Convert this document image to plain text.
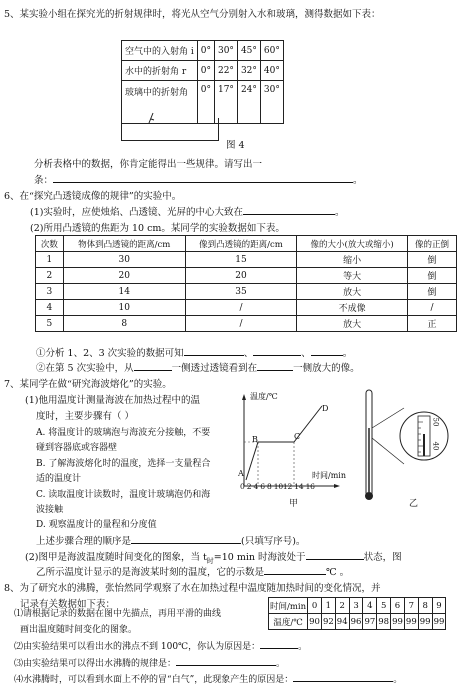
5、某实验小组在探究光的折射规律时，将光从空气分别射入水和玻璃，测得数据如下表：
空气中的入射角 i	0°	30°	45°	60°
水中的折射角 r	0°	22°	32°	40°
玻璃中的折射角	0°	17°	24°	30°
图 4
分析表格中的数据，你肯定能得出一些规律。请写出一
条：	。
6、在“探究凸透镜成像的规律”的实验中。
(1)实验时，应使烛焰、凸透镜、光屏的中心大致在	。
(2)所用凸透镜的焦距为 10 cm。某同学的实验数据如下表。
次数	物体到凸透镜的距离/cm	像到凸透镜的距离/cm	像的大小(放大或缩小)	像的正倒
1	30	15	缩小	倒
2	20	20	等大	倒
3	14	35	放大	倒
4	10	/	不成像	/
5	8	/	放大	正
①分析 1、2、3 次实验的数据可知	、	、	。
②在第 5 次实验中，从	一侧透过透镜看到在	一侧放大的像。
7、某同学在做“研究海波熔化”的实验。
(1)他用温度计测量海波在加热过程中的温
度时，主要步骤有（ ）
A. 将温度计的玻璃泡与海波充分接触，不要
碰到容器底或容器壁
B. 了解海波熔化时的温度，选择一支量程合
适的温度计
C. 读取温度计读数时，温度计玻璃泡仍和海
波接触
D. 观察温度计的量程和分度值
上述步骤合理的顺序是	(只填写序号)。
(2)图甲是海波温度随时间变化的图象，当 $t_时=10$ min 时海波处于	状态，图
乙所示温度计显示的是海波某时刻的温度，它的示数是	℃ 。
温度/℃
A
B	C
D
时间/min
0 2 4 6 8 1012 14 16
甲
50
40
乙
8、为了研究水的沸腾，张怡然同学观察了水在加热过程中温度随加热时间的变化情况，并
记录有关数据如下表：	时间/min	0	1	2	3	4	5	6	7	8	9
温度/℃	90	92	94	96	97	98	99	99	99	99
⑴请根据记录的数据在图中先描点，再用平滑的曲线
画出温度随时间变化的图象。
⑵由实验结果可以看出水的沸点不到 100℃，你认为原因是：	。
⑶由实验结果可以得出水沸腾的规律是：	。
⑷水沸腾时，可以看到水面上不停的冒“白气”，此现象产生的原因是：	。
